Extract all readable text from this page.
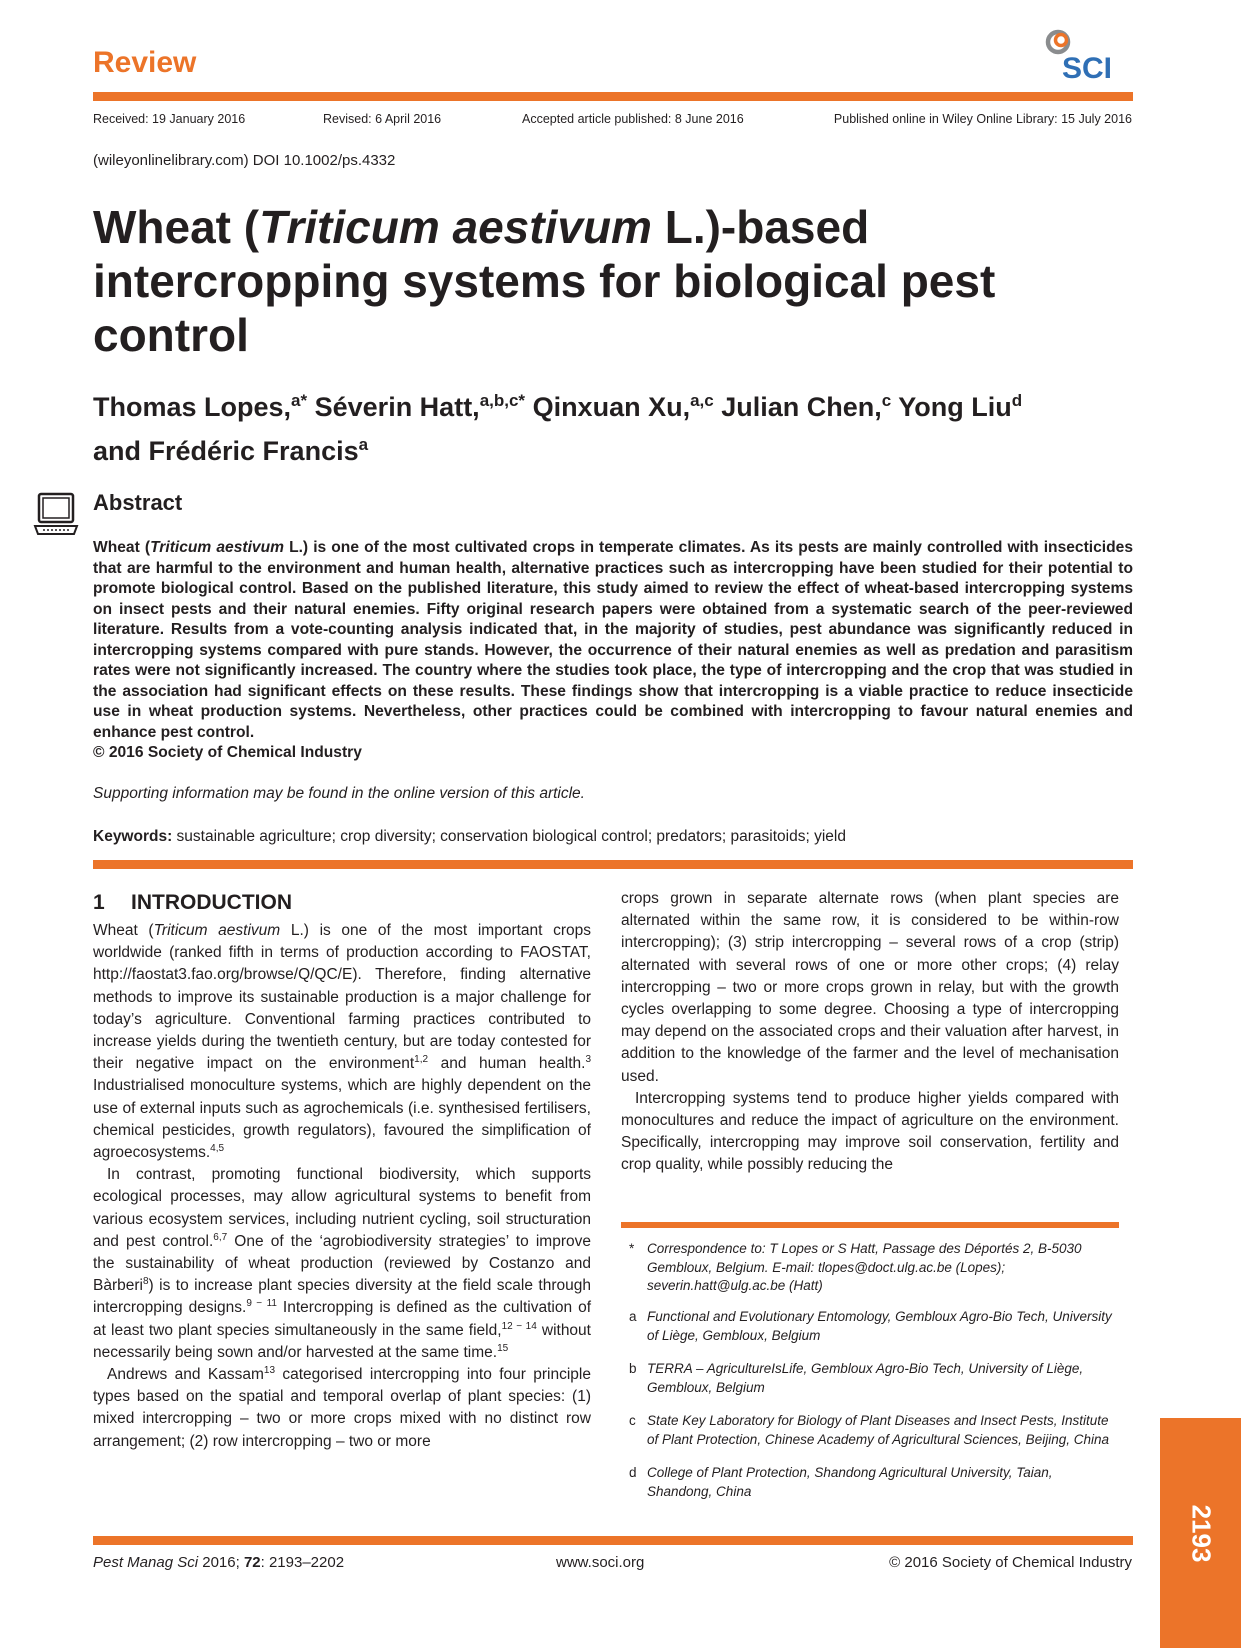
Review	SCI
Received: 19 January 2016	Revised: 6 April 2016	Accepted article published: 8 June 2016	Published online in Wiley Online Library: 15 July 2016
(wileyonlinelibrary.com) DOI 10.1002/ps.4332
Wheat (Triticum aestivum L.)-based intercropping systems for biological pest control

Thomas Lopes,$^{a*}$ Séverin Hatt,$^{a,b,c*}$ Qinxuan Xu,$^{a,c}$ Julian Chen,$^c$ Yong Liu$^d$
and Frédéric Francis$^a$

Abstract

Wheat (Triticum aestivum L.) is one of the most cultivated crops in temperate climates. As its pests are mainly controlled with insecticides that are harmful to the environment and human health, alternative practices such as intercropping have been studied for their potential to promote biological control. Based on the published literature, this study aimed to review the effect of wheat-based intercropping systems on insect pests and their natural enemies. Fifty original research papers were obtained from a systematic search of the peer-reviewed literature. Results from a vote-counting analysis indicated that, in the majority of studies, pest abundance was significantly reduced in intercropping systems compared with pure stands. However, the occurrence of their natural enemies as well as predation and parasitism rates were not significantly increased. The country where the studies took place, the type of intercropping and the crop that was studied in the association had significant effects on these results. These findings show that intercropping is a viable practice to reduce insecticide use in wheat production systems. Nevertheless, other practices could be combined with intercropping to favour natural enemies and enhance pest control.
© 2016 Society of Chemical Industry

Supporting information may be found in the online version of this article.

Keywords: sustainable agriculture; crop diversity; conservation biological control; predators; parasitoids; yield

1 INTRODUCTION

Wheat (Triticum aestivum L.) is one of the most important crops worldwide (ranked fifth in terms of production according to FAOSTAT, http://faostat3.fao.org/browse/Q/QC/E). Therefore, finding alternative methods to improve its sustainable production is a major challenge for today’s agriculture. Conventional farming practices contributed to increase yields during the twentieth century, but are today contested for their negative impact on the environment$^{1,2}$ and human health.$^3$ Industrialised monoculture systems, which are highly dependent on the use of external inputs such as agrochemicals (i.e. synthesised fertilisers, chemical pesticides, growth regulators), favoured the simplification of agroecosystems.$^{4,5}$

In contrast, promoting functional biodiversity, which supports ecological processes, may allow agricultural systems to benefit from various ecosystem services, including nutrient cycling, soil structuration and pest control.$^{6,7}$ One of the ‘agrobiodiversity strategies’ to improve the sustainability of wheat production (reviewed by Costanzo and Bàrberi$^8$) is to increase plant species diversity at the field scale through intercropping designs.$^{9 - 11}$ Intercropping is defined as the cultivation of at least two plant species simultaneously in the same field,$^{12 - 14}$ without necessarily being sown and/or harvested at the same time.$^{15}$

Andrews and Kassam$^{13}$ categorised intercropping into four principle types based on the spatial and temporal overlap of plant species: (1) mixed intercropping – two or more crops mixed with no distinct row arrangement; (2) row intercropping – two or more

crops grown in separate alternate rows (when plant species are alternated within the same row, it is considered to be within-row intercropping); (3) strip intercropping – several rows of a crop (strip) alternated with several rows of one or more other crops; (4) relay intercropping – two or more crops grown in relay, but with the growth cycles overlapping to some degree. Choosing a type of intercropping may depend on the associated crops and their valuation after harvest, in addition to the knowledge of the farmer and the level of mechanisation used.

Intercropping systems tend to produce higher yields compared with monocultures and reduce the impact of agriculture on the environment. Specifically, intercropping may improve soil conservation, fertility and crop quality, while possibly reducing the

* Correspondence to: T Lopes or S Hatt, Passage des Déportés 2, B-5030 Gembloux, Belgium. E-mail: tlopes@doct.ulg.ac.be (Lopes); severin.hatt@ulg.ac.be (Hatt)
a Functional and Evolutionary Entomology, Gembloux Agro-Bio Tech, University of Liège, Gembloux, Belgium
b TERRA – AgricultureIsLife, Gembloux Agro-Bio Tech, University of Liège, Gembloux, Belgium
c State Key Laboratory for Biology of Plant Diseases and Insect Pests, Institute of Plant Protection, Chinese Academy of Agricultural Sciences, Beijing, China
d College of Plant Protection, Shandong Agricultural University, Taian, Shandong, China
Pest Manag Sci 2016; 72: 2193–2202	www.soci.org	© 2016 Society of Chemical Industry
2193
